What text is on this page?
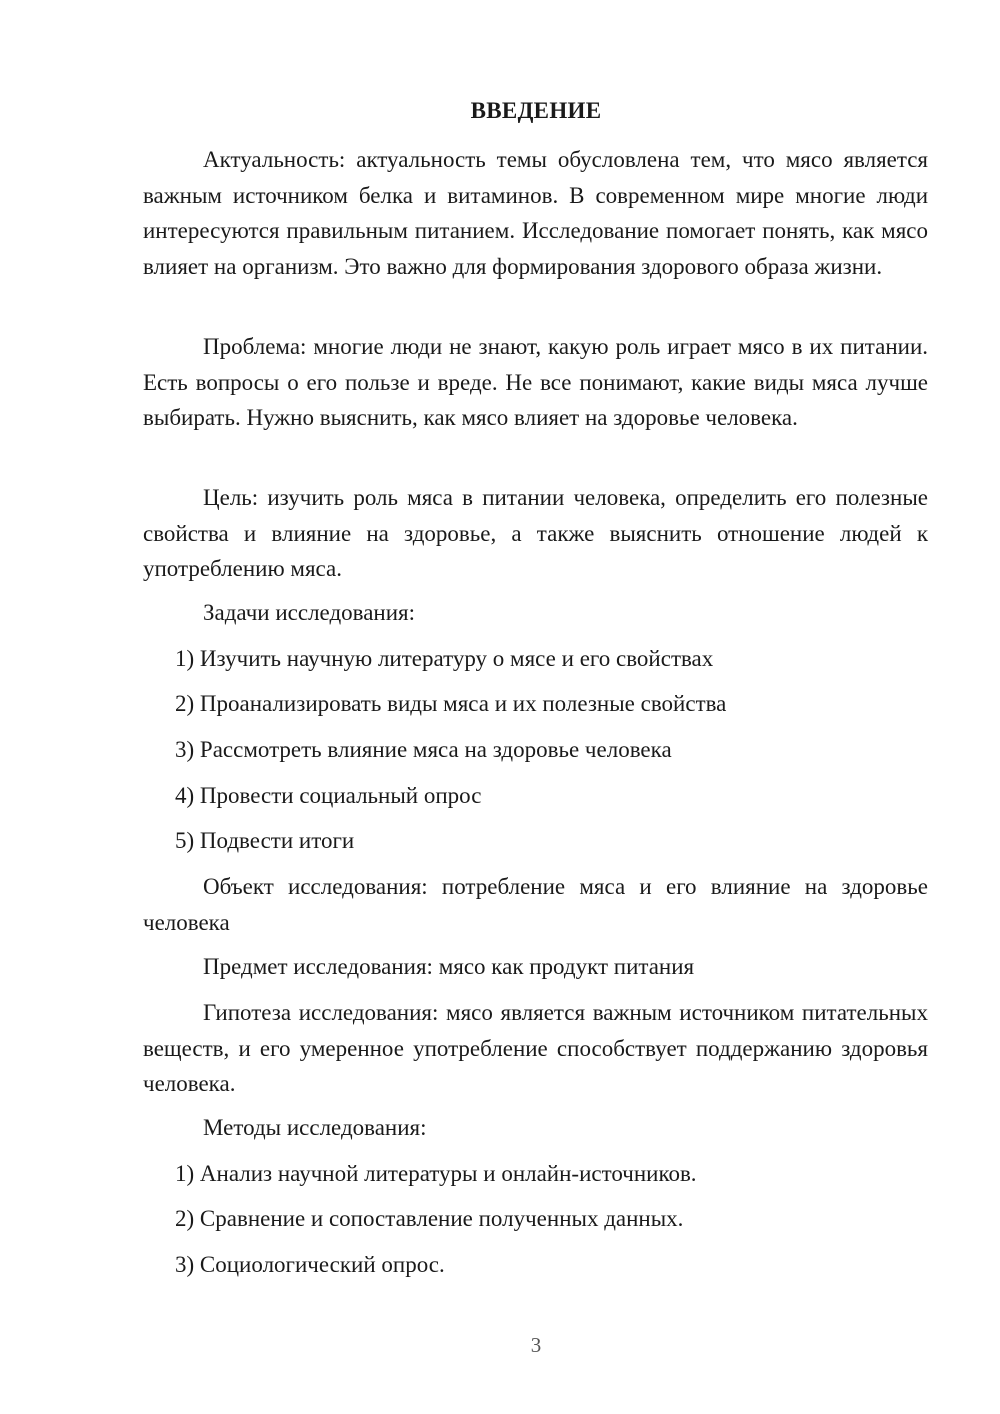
ВВЕДЕНИЕ

Актуальность: актуальность темы обусловлена тем, что мясо является важным источником белка и витаминов. В современном мире многие люди интересуются правильным питанием. Исследование помогает понять, как мясо влияет на организм. Это важно для формирования здорового образа жизни.

Проблема: многие люди не знают, какую роль играет мясо в их питании. Есть вопросы о его пользе и вреде. Не все понимают, какие виды мяса лучше выбирать. Нужно выяснить, как мясо влияет на здоровье человека.

Цель: изучить роль мяса в питании человека, определить его полезные свойства и влияние на здоровье, а также выяснить отношение людей к употреблению мяса.

Задачи исследования:

1) Изучить научную литературу о мясе и его свойствах

2) Проанализировать виды мяса и их полезные свойства

3) Рассмотреть влияние мяса на здоровье человека

4) Провести социальный опрос

5) Подвести итоги

Объект исследования: потребление мяса и его влияние на здоровье человека

Предмет исследования: мясо как продукт питания

Гипотеза исследования: мясо является важным источником питательных веществ, и его умеренное употребление способствует поддержанию здоровья человека.

Методы исследования:

1) Анализ научной литературы и онлайн-источников.

2) Сравнение и сопоставление полученных данных.

3) Социологический опрос.

3
